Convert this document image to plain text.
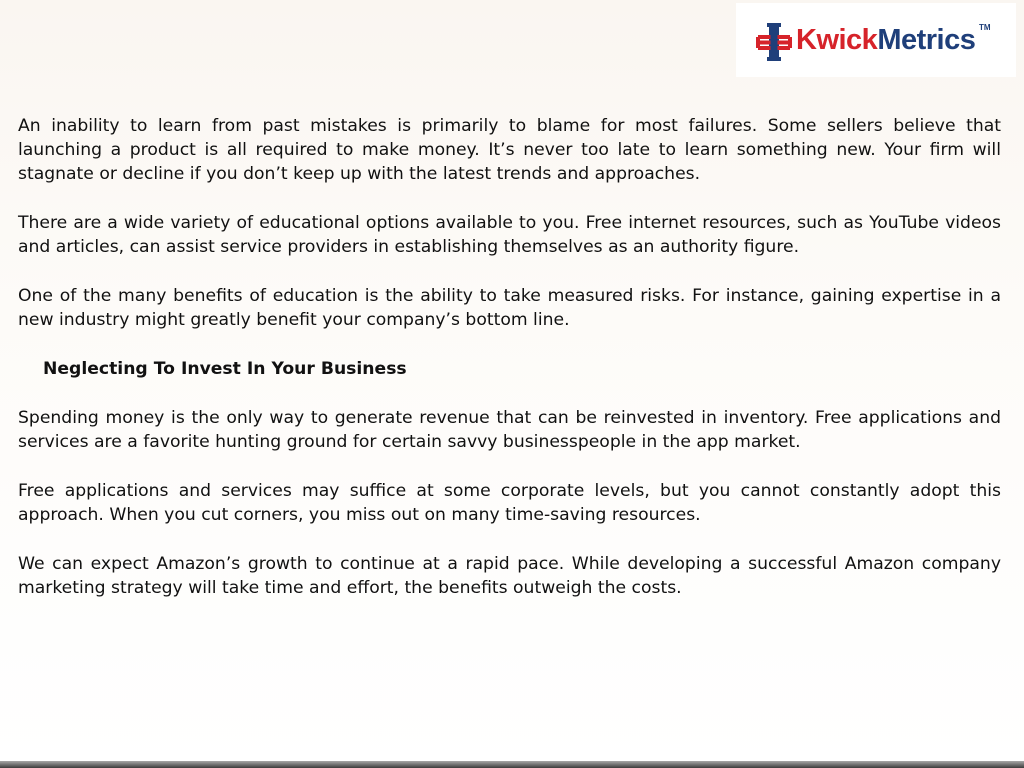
KwickMetrics TM

An inability to learn from past mistakes is primarily to blame for most failures. Some sellers believe that launching a product is all required to make money. It’s never too late to learn something new. Your firm will stagnate or decline if you don’t keep up with the latest trends and approaches.

There are a wide variety of educational options available to you. Free internet resources, such as YouTube videos and articles, can assist service providers in establishing themselves as an authority figure.

One of the many benefits of education is the ability to take measured risks. For instance, gaining expertise in a new industry might greatly benefit your company’s bottom line.

Neglecting To Invest In Your Business

Spending money is the only way to generate revenue that can be reinvested in inventory. Free applications and services are a favorite hunting ground for certain savvy businesspeople in the app market.

Free applications and services may suffice at some corporate levels, but you cannot constantly adopt this approach. When you cut corners, you miss out on many time-saving resources.

We can expect Amazon’s growth to continue at a rapid pace. While developing a successful Amazon company marketing strategy will take time and effort, the benefits outweigh the costs.
